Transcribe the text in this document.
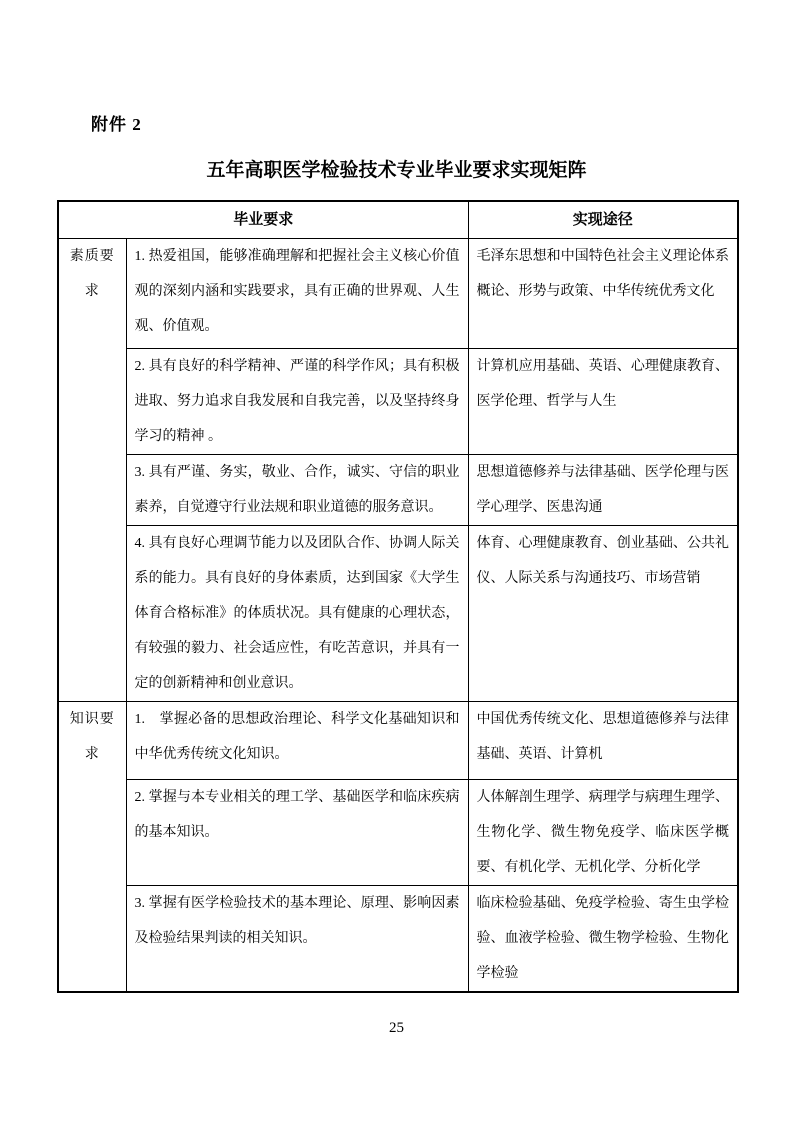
附件 2
五年高职医学检验技术专业毕业要求实现矩阵
毕业要求		实现途径
素质要求	1. 热爱祖国，能够准确理解和把握社会主义核心价值观的深刻内涵和实践要求，具有正确的世界观、人生观、价值观。	毛泽东思想和中国特色社会主义理论体系概论、形势与政策、中华传统优秀文化
	2. 具有良好的科学精神、严谨的科学作风；具有积极进取、努力追求自我发展和自我完善，以及坚持终身学习的精神 。	计算机应用基础、英语、心理健康教育、医学伦理、哲学与人生
	3. 具有严谨、务实，敬业、合作，诚实、守信的职业素养，自觉遵守行业法规和职业道德的服务意识。	思想道德修养与法律基础、医学伦理与医学心理学、医患沟通
	4. 具有良好心理调节能力以及团队合作、协调人际关系的能力。具有良好的身体素质，达到国家《大学生体育合格标准》的体质状况。具有健康的心理状态，有较强的毅力、社会适应性，有吃苦意识，并具有一定的创新精神和创业意识。	体育、心理健康教育、创业基础、公共礼仪、人际关系与沟通技巧、市场营销
知识要求	1.　掌握必备的思想政治理论、科学文化基础知识和中华优秀传统文化知识。	中国优秀传统文化、思想道德修养与法律基础、英语、计算机
	2. 掌握与本专业相关的理工学、基础医学和临床疾病的基本知识。	人体解剖生理学、病理学与病理生理学、生物化学、微生物免疫学、临床医学概要、有机化学、无机化学、分析化学
	3. 掌握有医学检验技术的基本理论、原理、影响因素及检验结果判读的相关知识。	临床检验基础、免疫学检验、寄生虫学检验、血液学检验、微生物学检验、生物化学检验
25
